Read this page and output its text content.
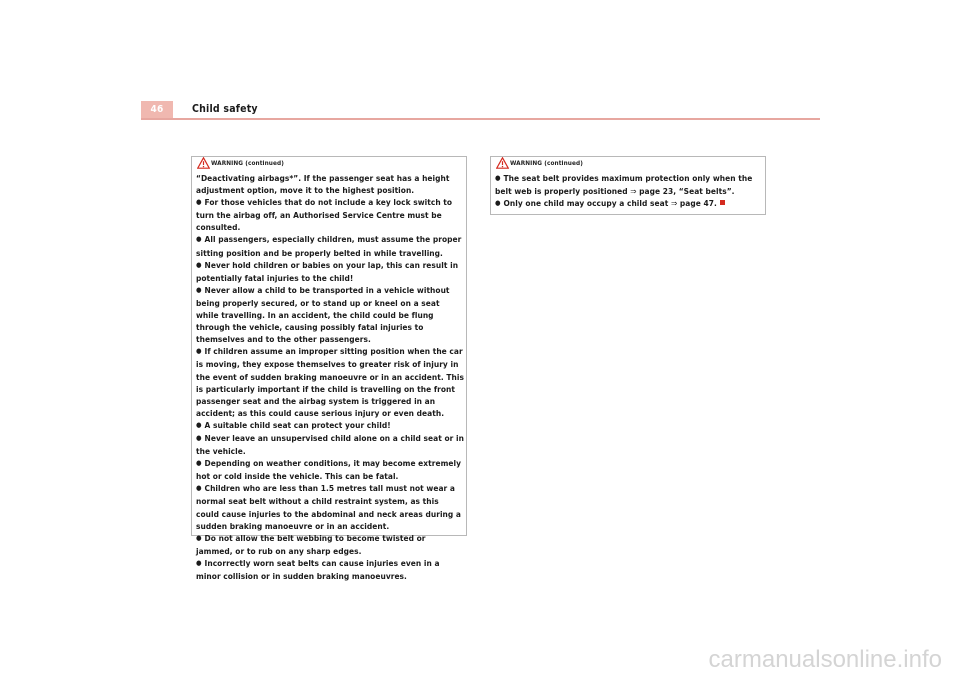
46	Child safety
WARNING (continued)

“Deactivating airbags*”. If the passenger seat has a height adjustment option, move it to the highest position.

● For those vehicles that do not include a key lock switch to turn the airbag off, an Authorised Service Centre must be consulted.

● All passengers, especially children, must assume the proper sitting position and be properly belted in while travelling.

● Never hold children or babies on your lap, this can result in potentially fatal injuries to the child!

● Never allow a child to be transported in a vehicle without being properly secured, or to stand up or kneel on a seat while travelling. In an accident, the child could be flung through the vehicle, causing possibly fatal injuries to themselves and to the other passengers.

● If children assume an improper sitting position when the car is moving, they expose themselves to greater risk of injury in the event of sudden braking manoeuvre or in an accident. This is particularly important if the child is travelling on the front passenger seat and the airbag system is triggered in an accident; as this could cause serious injury or even death.

● A suitable child seat can protect your child!

● Never leave an unsupervised child alone on a child seat or in the vehicle.

● Depending on weather conditions, it may become extremely hot or cold inside the vehicle. This can be fatal.

● Children who are less than 1.5 metres tall must not wear a normal seat belt without a child restraint system, as this could cause injuries to the abdominal and neck areas during a sudden braking manoeuvre or in an accident.

● Do not allow the belt webbing to become twisted or jammed, or to rub on any sharp edges.

● Incorrectly worn seat belts can cause injuries even in a minor collision or in sudden braking manoeuvres.

WARNING (continued)

● The seat belt provides maximum protection only when the belt web is properly positioned ⇒ page 23, “Seat belts”.

● Only one child may occupy a child seat ⇒ page 47.

carmanualsonline.info
